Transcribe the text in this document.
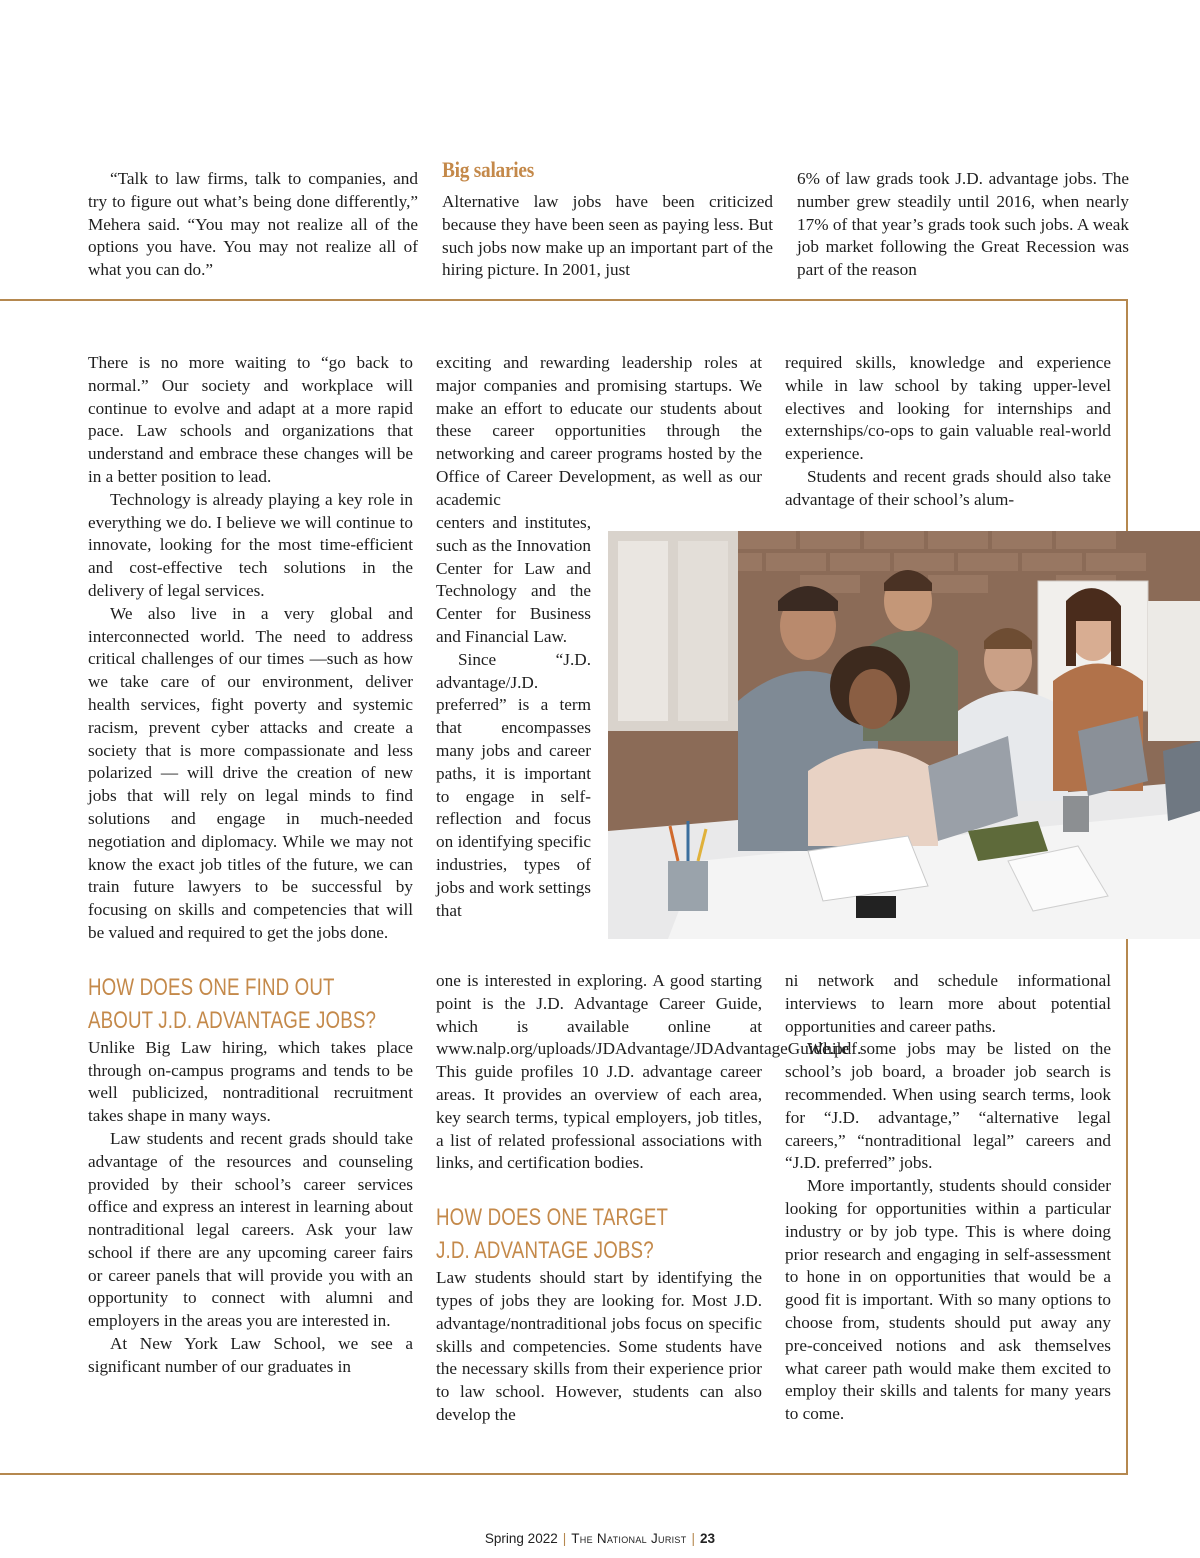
“Talk to law firms, talk to companies, and try to figure out what’s being done differently,” Mehera said. “You may not realize all of the options you have. You may not realize all of what you can do.”

Big salaries

Alternative law jobs have been criticized because they have been seen as paying less. But such jobs now make up an important part of the hiring picture. In 2001, just

6% of law grads took J.D. advantage jobs. The number grew steadily until 2016, when nearly 17% of that year’s grads took such jobs. A weak job market following the Great Recession was part of the reason

There is no more waiting to “go back to normal.” Our society and workplace will continue to evolve and adapt at a more rapid pace. Law schools and organizations that understand and embrace these changes will be in a better position to lead.

Technology is already playing a key role in everything we do. I believe we will continue to innovate, looking for the most time-efficient and cost-effective tech solutions in the delivery of legal services.

We also live in a very global and interconnected world. The need to address critical challenges of our times —such as how we take care of our environment, deliver health services, fight poverty and systemic racism, prevent cyber attacks and create a society that is more compassionate and less polarized — will drive the creation of new jobs that will rely on legal minds to find solutions and engage in much-needed negotiation and diplomacy. While we may not know the exact job titles of the future, we can train future lawyers to be successful by focusing on skills and competencies that will be valued and required to get the jobs done.

HOW DOES ONE FIND OUT
ABOUT J.D. ADVANTAGE JOBS?

Unlike Big Law hiring, which takes place through on-campus programs and tends to be well publicized, nontraditional recruitment takes shape in many ways.

Law students and recent grads should take advantage of the resources and counseling provided by their school’s career services office and express an interest in learning about nontraditional legal careers. Ask your law school if there are any upcoming career fairs or career panels that will provide you with an opportunity to connect with alumni and employers in the areas you are interested in.

At New York Law School, we see a significant number of our graduates in

exciting and rewarding leadership roles at major companies and promising startups. We make an effort to educate our students about these career opportunities through the networking and career programs hosted by the Office of Career Development, as well as our academic

centers and institutes, such as the Innovation Center for Law and Technology and the Center for Business and Financial Law.

Since “J.D. advantage/J.D. preferred” is a term that encompasses many jobs and career paths, it is important to engage in self-reflection and focus on identifying specific industries, types of jobs and work settings that

one is interested in exploring. A good starting point is the J.D. Advantage Career Guide, which is available online at www.nalp.org/uploads/JDAdvantage/JDAdvantageGuide.pdf. This guide profiles 10 J.D. advantage career areas. It provides an overview of each area, key search terms, typical employers, job titles, a list of related professional associations with links, and certification bodies.

HOW DOES ONE TARGET
J.D. ADVANTAGE JOBS?

Law students should start by identifying the types of jobs they are looking for. Most J.D. advantage/nontraditional jobs focus on specific skills and competencies. Some students have the necessary skills from their experience prior to law school. However, students can also develop the

required skills, knowledge and experience while in law school by taking upper-level electives and looking for internships and externships/co-ops to gain valuable real-world experience.

Students and recent grads should also take advantage of their school’s alum-

ni network and schedule informational interviews to learn more about potential opportunities and career paths.

While some jobs may be listed on the school’s job board, a broader job search is recommended. When using search terms, look for “J.D. advantage,” “alternative legal careers,” “nontraditional legal” careers and “J.D. preferred” jobs.

More importantly, students should consider looking for opportunities within a particular industry or by job type. This is where doing prior research and engaging in self-assessment to hone in on opportunities that would be a good fit is important. With so many options to choose from, students should put away any pre-conceived notions and ask themselves what career path would make them excited to employ their skills and talents for many years to come.

Spring 2022 | The National Jurist | 23
